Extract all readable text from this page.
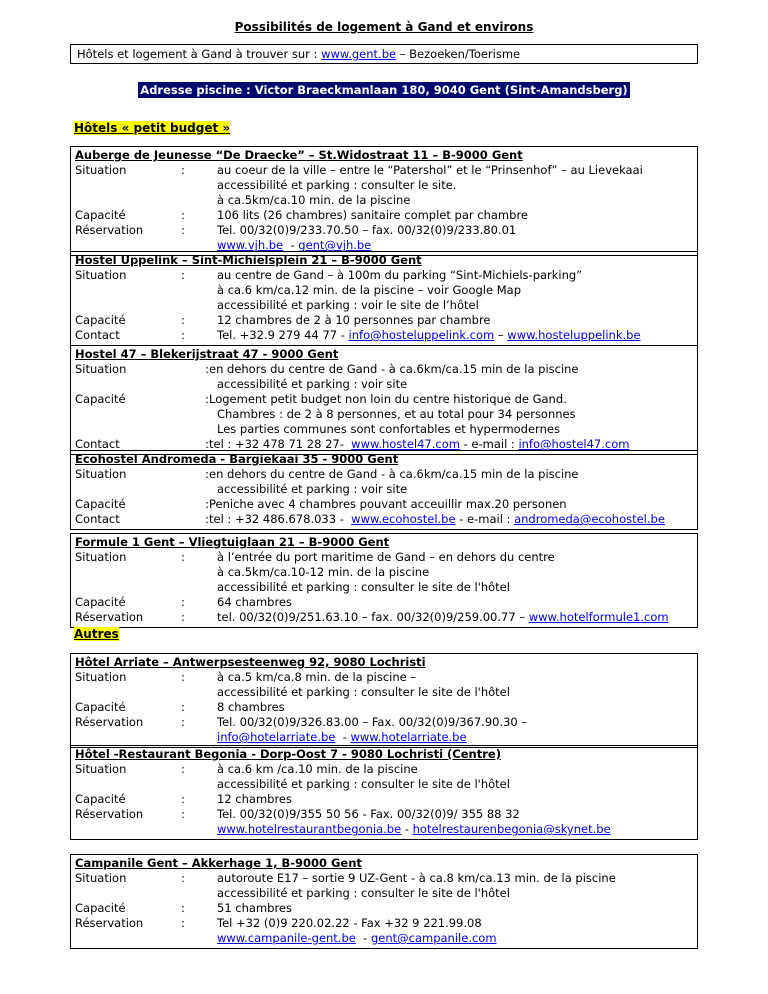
Possibilités de logement à Gand et environs
Hôtels et logement à Gand à trouver sur : www.gent.be – Bezoeken/Toerisme
Adresse piscine : Victor Braeckmanlaan 180, 9040 Gent (Sint-Amandsberg)
Hôtels « petit budget »
Auberge de Jeunesse “De Draecke” – St.Widostraat 11 – B-9000 Gent
Situation	:	au coeur de la ville – entre le “Patershol” et le “Prinsenhof” – au Lievekaai
accessibilité et parking : consulter le site.
à ca.5km/ca.10 min. de la piscine
Capacité	:	106 lits (26 chambres) sanitaire complet par chambre
Réservation	:	Tel. 00/32(0)9/233.70.50 – fax. 00/32(0)9/233.80.01
www.vjh.be  - gent@vjh.be
Hostel Uppelink – Sint-Michielsplein 21 – B-9000 Gent
Situation	:	au centre de Gand – à 100m du parking “Sint-Michiels-parking”
à ca.6 km/ca.12 min. de la piscine – voir Google Map
accessibilité et parking : voir le site de l’hôtel
Capacité	:	12 chambres de 2 à 10 personnes par chambre
Contact	:	Tel. +32.9 279 44 77 - info@hosteluppelink.com – www.hosteluppelink.be
Hostel 47 – Blekerijstraat 47 - 9000 Gent
Situation	: en dehors du centre de Gand - à ca.6km/ca.15 min de la piscine
accessibilité et parking : voir site
Capacité	: Logement petit budget non loin du centre historique de Gand.
Chambres : de 2 à 8 personnes, et au total pour 34 personnes
Les parties communes sont confortables et hypermodernes
Contact	: tel : +32 478 71 28 27-  www.hostel47.com - e-mail : info@hostel47.com
Ecohostel Andromeda - Bargiekaai 35 - 9000 Gent
Situation	: en dehors du centre de Gand - à ca.6km/ca.15 min de la piscine
accessibilité et parking : voir site
Capacité	: Peniche avec 4 chambres pouvant acceuillir max.20 personen
Contact	: tel : +32 486.678.033 -  www.ecohostel.be - e-mail : andromeda@ecohostel.be
Formule 1 Gent – Vliegtuiglaan 21 – B-9000 Gent
Situation	:	à l’entrée du port maritime de Gand – en dehors du centre
à ca.5km/ca.10-12 min. de la piscine
accessibilité et parking : consulter le site de l'hôtel
Capacité	:	64 chambres
Réservation	:	tel. 00/32(0)9/251.63.10 – fax. 00/32(0)9/259.00.77 – www.hotelformule1.com
Autres
Hôtel Arriate – Antwerpsesteenweg 92, 9080 Lochristi
Situation	:	à ca.5 km/ca.8 min. de la piscine –
accessibilité et parking : consulter le site de l'hôtel
Capacité	:	8 chambres
Réservation	:	Tel. 00/32(0)9/326.83.00 – Fax. 00/32(0)9/367.90.30 –
info@hotelarriate.be  - www.hotelarriate.be
Hôtel -Restaurant Begonia - Dorp-Oost 7 - 9080 Lochristi (Centre)
Situation	:	à ca.6 km /ca.10 min. de la piscine
accessibilité et parking : consulter le site de l'hôtel
Capacité	:	12 chambres
Réservation	:	Tel. 00/32(0)9/355 50 56 - Fax. 00/32(0)9/ 355 88 32
www.hotelrestaurantbegonia.be - hotelrestaurenbegonia@skynet.be
Campanile Gent – Akkerhage 1, B-9000 Gent
Situation	:	autoroute E17 – sortie 9 UZ-Gent - à ca.8 km/ca.13 min. de la piscine
accessibilité et parking : consulter le site de l'hôtel
Capacité	:	51 chambres
Réservation	:	Tel +32 (0)9 220.02.22 - Fax +32 9 221.99.08
www.campanile-gent.be  - gent@campanile.com
